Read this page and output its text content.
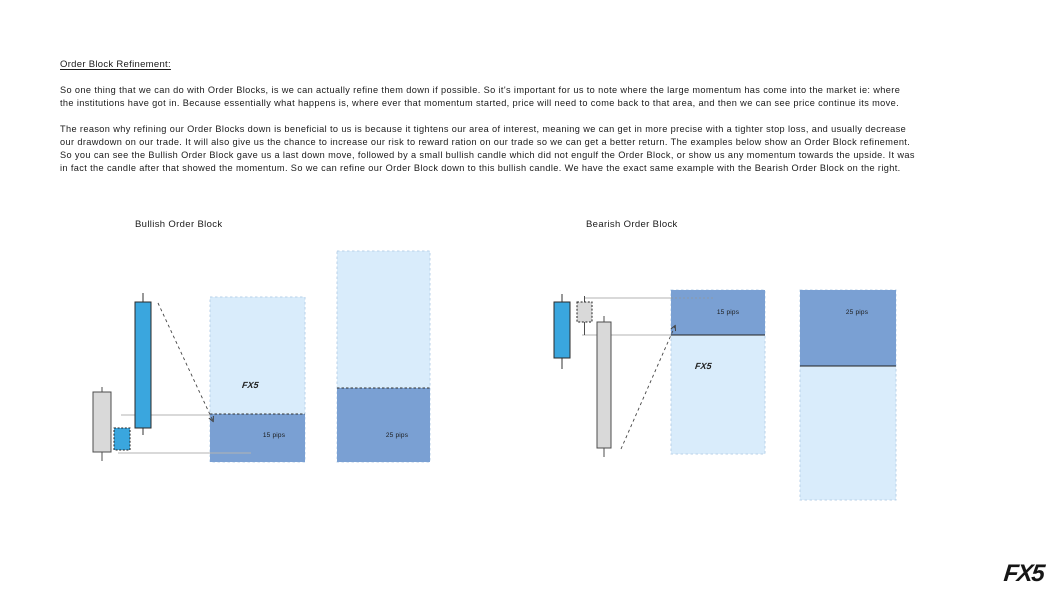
Order Block Refinement:
So one thing that we can do with Order Blocks, is we can actually refine them down if possible. So it's important for us to note where the large momentum has come into the market ie: where
the institutions have got in. Because essentially what happens is, where ever that momentum started, price will need to come back to that area, and then we can see price continue its move.
The reason why refining our Order Blocks down is beneficial to us is because it tightens our area of interest, meaning we can get in more precise with a tighter stop loss, and usually decrease
our drawdown on our trade. It will also give us the chance to increase our risk to reward ration on our trade so we can get a better return. The examples below show an Order Block refinement.
So you can see the Bullish Order Block gave us a last down move, followed by a small bullish candle which did not engulf the Order Block, or show us any momentum towards the upside. It was
in fact the candle after that showed the momentum. So we can refine our Order Block down to this bullish candle. We have the exact same example with the Bearish Order Block on the right.
Bullish Order Block	Bearish Order Block
15 pips	25 pips
FX5
15 pips	25 pips
FX5
FX5
